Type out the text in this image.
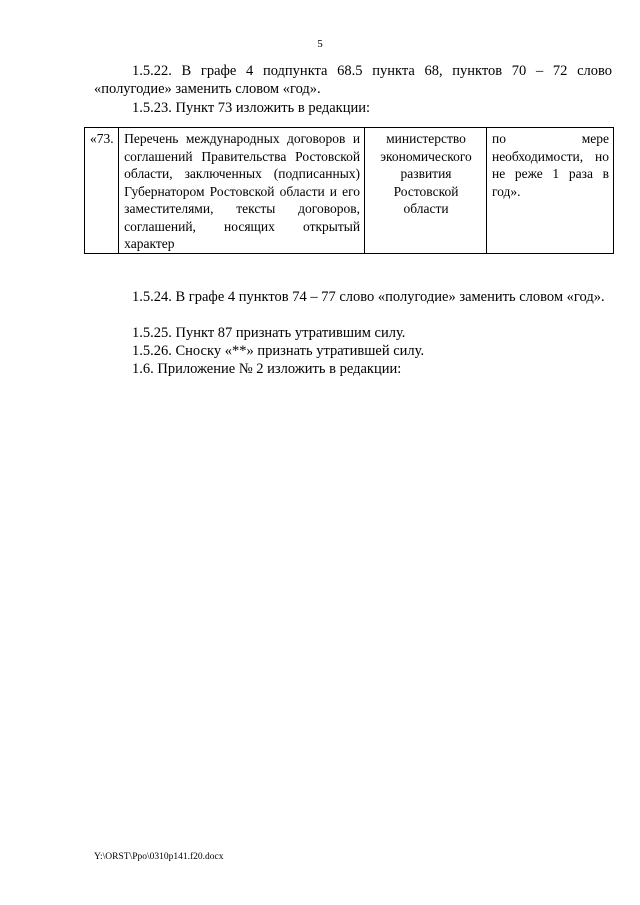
5

1.5.22. В графе 4 подпункта 68.5 пункта 68, пунктов 70 – 72 слово «полугодие» заменить словом «год».

1.5.23. Пункт 73 изложить в редакции:

«73.	Перечень международных договоров и соглашений Правительства Ростовской области, заключенных (подписанных) Губернатором Ростовской области и его заместителями, тексты договоров, соглашений, носящих открытый характер	министерство экономического развития Ростовской области	по мере необходимости, но не реже 1 раза в год».

1.5.24. В графе 4 пунктов 74 – 77 слово «полугодие» заменить словом «год».

1.5.25. Пункт 87 признать утратившим силу.

1.5.26. Сноску «**» признать утратившей силу.

1.6. Приложение № 2 изложить в редакции:

Y:\ORST\Ppo\0310p141.f20.docx
